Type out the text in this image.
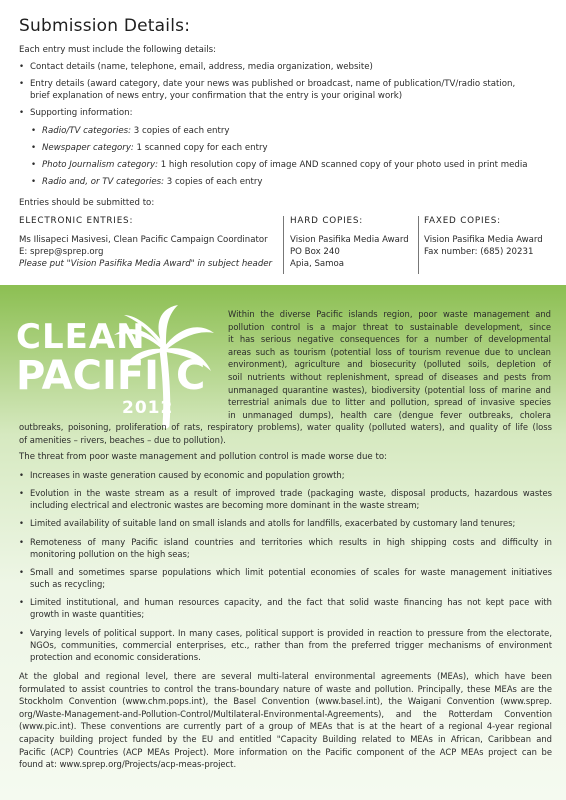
Submission Details:
Each entry must include the following details:
• Contact details (name, telephone, email, address, media organization, website)
• Entry details (award category, date your news was published or broadcast, name of publication/TV/radio station,
brief explanation of news entry, your confirmation that the entry is your original work)
• Supporting information:
• Radio/TV categories: 3 copies of each entry
• Newspaper category: 1 scanned copy for each entry
• Photo Journalism category: 1 high resolution copy of image AND scanned copy of your photo used in print media
• Radio and, or TV categories: 3 copies of each entry
Entries should be submitted to:
ELECTRONIC ENTRIES:
Ms Ilisapeci Masivesi, Clean Pacific Campaign Coordinator
E: sprep@sprep.org
Please put "Vision Pasifika Media Award" in subject header
HARD COPIES:
Vision Pasifika Media Award
PO Box 240
Apia, Samoa
FAXED COPIES:
Vision Pasifika Media Award
Fax number: (685) 20231
CLEAN
PACIFI C
2012
Within the diverse Pacific islands region, poor waste management and
pollution control is a major threat to sustainable development, since
it has serious negative consequences for a number of developmental
areas such as tourism (potential loss of tourism revenue due to unclean
environment), agriculture and biosecurity (polluted soils, depletion of
soil nutrients without replenishment, spread of diseases and pests from
unmanaged quarantine wastes), biodiversity (potential loss of marine and
terrestrial animals due to litter and pollution, spread of invasive species
in unmanaged dumps), health care (dengue fever outbreaks, cholera
outbreaks, poisoning, proliferation of rats, respiratory problems), water quality (polluted waters), and quality of life (loss
of amenities – rivers, beaches – due to pollution).
The threat from poor waste management and pollution control is made worse due to:
• Increases in waste generation caused by economic and population growth;
• Evolution in the waste stream as a result of improved trade (packaging waste, disposal products, hazardous wastes
including electrical and electronic wastes are becoming more dominant in the waste stream;
• Limited availability of suitable land on small islands and atolls for landfills, exacerbated by customary land tenures;
• Remoteness of many Pacific island countries and territories which results in high shipping costs and difficulty in
monitoring pollution on the high seas;
• Small and sometimes sparse populations which limit potential economies of scales for waste management initiatives
such as recycling;
• Limited institutional, and human resources capacity, and the fact that solid waste financing has not kept pace with
growth in waste quantities;
• Varying levels of political support. In many cases, political support is provided in reaction to pressure from the electorate,
NGOs, communities, commercial enterprises, etc., rather than from the preferred trigger mechanisms of environment
protection and economic considerations.
At the global and regional level, there are several multi-lateral environmental agreements (MEAs), which have been
formulated to assist countries to control the trans-boundary nature of waste and pollution. Principally, these MEAs are the
Stockholm Convention (www.chm.pops.int), the Basel Convention (www.basel.int), the Waigani Convention (www.sprep.
org/Waste-Management-and-Pollution-Control/Multilateral-Environmental-Agreements), and the Rotterdam Convention
(www.pic.int). These conventions are currently part of a group of MEAs that is at the heart of a regional 4-year regional
capacity building project funded by the EU and entitled "Capacity Building related to MEAs in African, Caribbean and
Pacific (ACP) Countries (ACP MEAs Project). More information on the Pacific component of the ACP MEAs project can be
found at: www.sprep.org/Projects/acp-meas-project.
